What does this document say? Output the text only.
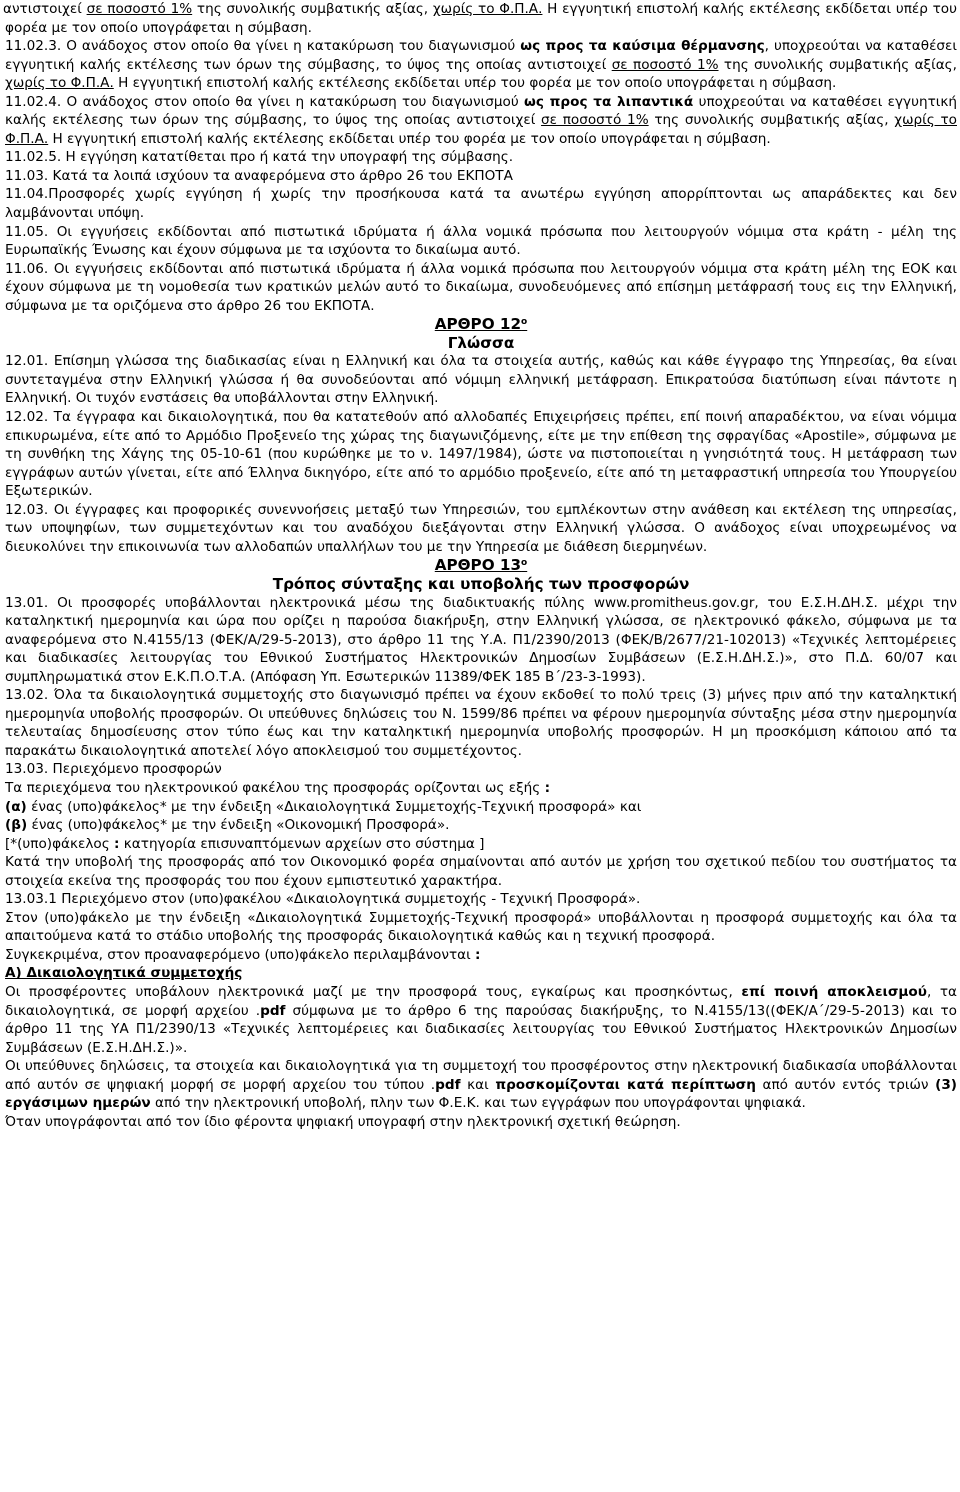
αντιστοιχεί σε ποσοστό 1% της συνολικής συμβατικής αξίας, χωρίς το Φ.Π.Α. Η εγγυητική επιστολή καλής εκτέλεσης εκδίδεται υπέρ του φορέα με τον οποίο υπογράφεται η σύμβαση.

11.02.3. Ο ανάδοχος στον οποίο θα γίνει η κατακύρωση του διαγωνισμού ως προς τα καύσιμα θέρμανσης, υποχρεούται να καταθέσει εγγυητική καλής εκτέλεσης των όρων της σύμβασης, το ύψος της οποίας αντιστοιχεί σε ποσοστό 1% της συνολικής συμβατικής αξίας, χωρίς το Φ.Π.Α. Η εγγυητική επιστολή καλής εκτέλεσης εκδίδεται υπέρ του φορέα με τον οποίο υπογράφεται η σύμβαση.

11.02.4. Ο ανάδοχος στον οποίο θα γίνει η κατακύρωση του διαγωνισμού ως προς τα λιπαντικά υποχρεούται να καταθέσει εγγυητική καλής εκτέλεσης των όρων της σύμβασης, το ύψος της οποίας αντιστοιχεί σε ποσοστό 1% της συνολικής συμβατικής αξίας, χωρίς το Φ.Π.Α. Η εγγυητική επιστολή καλής εκτέλεσης εκδίδεται υπέρ του φορέα με τον οποίο υπογράφεται η σύμβαση.

11.02.5. Η εγγύηση κατατίθεται προ ή κατά την υπογραφή της σύμβασης.

11.03. Κατά τα λοιπά ισχύουν τα αναφερόμενα στο άρθρο 26 του ΕΚΠΟΤΑ

11.04.Προσφορές χωρίς εγγύηση ή χωρίς την προσήκουσα κατά τα ανωτέρω εγγύηση απορρίπτονται ως απαράδεκτες και δεν λαμβάνονται υπόψη.

11.05. Οι εγγυήσεις εκδίδονται από πιστωτικά ιδρύματα ή άλλα νομικά πρόσωπα που λειτουργούν νόμιμα στα κράτη - μέλη της Ευρωπαϊκής Ένωσης και έχουν σύμφωνα με τα ισχύοντα το δικαίωμα αυτό.

11.06. Οι εγγυήσεις εκδίδονται από πιστωτικά ιδρύματα ή άλλα νομικά πρόσωπα που λειτουργούν νόμιμα στα κράτη μέλη της ΕΟΚ και έχουν σύμφωνα με τη νομοθεσία των κρατικών μελών αυτό το δικαίωμα, συνοδευόμενες από επίσημη μετάφρασή τους εις την Ελληνική, σύμφωνα με τα οριζόμενα στο άρθρο 26 του ΕΚΠΟΤΑ.

ΑΡΘΡΟ $12^o$

Γλώσσα

12.01. Επίσημη γλώσσα της διαδικασίας είναι η Ελληνική και όλα τα στοιχεία αυτής, καθώς και κάθε έγγραφο της Υπηρεσίας, θα είναι συντεταγμένα στην Ελληνική γλώσσα ή θα συνοδεύονται από νόμιμη ελληνική μετάφραση. Επικρατούσα διατύπωση είναι πάντοτε η Ελληνική. Οι τυχόν ενστάσεις θα υποβάλλονται στην Ελληνική.

12.02. Τα έγγραφα και δικαιολογητικά, που θα κατατεθούν από αλλοδαπές Επιχειρήσεις πρέπει, επί ποινή απαραδέκτου, να είναι νόμιμα επικυρωμένα, είτε από το Αρμόδιο Προξενείο της χώρας της διαγωνιζόμενης, είτε με την επίθεση της σφραγίδας «Apostile», σύμφωνα με τη συνθήκη της Χάγης της 05-10-61 (που κυρώθηκε με το ν. 1497/1984), ώστε να πιστοποιείται η γνησιότητά τους. Η μετάφραση των εγγράφων αυτών γίνεται, είτε από Έλληνα δικηγόρο, είτε από το αρμόδιο προξενείο, είτε από τη μεταφραστική υπηρεσία του Υπουργείου Εξωτερικών.

12.03. Οι έγγραφες και προφορικές συνεννοήσεις μεταξύ των Υπηρεσιών, του εμπλέκοντων στην ανάθεση και εκτέλεση της υπηρεσίας, των υποψηφίων, των συμμετεχόντων και του αναδόχου διεξάγονται στην Ελληνική γλώσσα. Ο ανάδοχος είναι υποχρεωμένος να διευκολύνει την επικοινωνία των αλλοδαπών υπαλλήλων του με την Υπηρεσία με διάθεση διερμηνέων.

ΑΡΘΡΟ $13^o$

Τρόπος σύνταξης και υποβολής των προσφορών

13.01. Οι προσφορές υποβάλλονται ηλεκτρονικά μέσω της διαδικτυακής πύλης www.promitheus.gov.gr, του Ε.Σ.Η.ΔΗ.Σ. μέχρι την καταληκτική ημερομηνία και ώρα που ορίζει η παρούσα διακήρυξη, στην Ελληνική γλώσσα, σε ηλεκτρονικό φάκελο, σύμφωνα με τα αναφερόμενα στο Ν.4155/13 (ΦΕΚ/Α/29-5-2013), στο άρθρο 11 της Υ.Α. Π1/2390/2013 (ΦΕΚ/Β/2677/21-102013) «Τεχνικές λεπτομέρειες και διαδικασίες λειτουργίας του Εθνικού Συστήματος Ηλεκτρονικών Δημοσίων Συμβάσεων (Ε.Σ.Η.ΔΗ.Σ.)», στο Π.Δ. 60/07 και συμπληρωματικά στον Ε.Κ.Π.Ο.Τ.Α. (Απόφαση Υπ. Εσωτερικών 11389/ΦΕΚ 185 Β΄/23-3-1993).

13.02. Όλα τα δικαιολογητικά συμμετοχής στο διαγωνισμό πρέπει να έχουν εκδοθεί το πολύ τρεις (3) μήνες πριν από την καταληκτική ημερομηνία υποβολής προσφορών. Οι υπεύθυνες δηλώσεις του Ν. 1599/86 πρέπει να φέρουν ημερομηνία σύνταξης μέσα στην ημερομηνία τελευταίας δημοσίευσης στον τύπο έως και την καταληκτική ημερομηνία υποβολής προσφορών. Η μη προσκόμιση κάποιου από τα παρακάτω δικαιολογητικά αποτελεί λόγο αποκλεισμού του συμμετέχοντος.

13.03. Περιεχόμενο προσφορών

Τα περιεχόμενα του ηλεκτρονικού φακέλου της προσφοράς ορίζονται ως εξής :

(α) ένας (υπο)φάκελος* με την ένδειξη «Δικαιολογητικά Συμμετοχής-Τεχνική προσφορά» και

(β) ένας (υπο)φάκελος* με την ένδειξη «Οικονομική Προσφορά».

[*(υπο)φάκελος : κατηγορία επισυναπτόμενων αρχείων στο σύστημα ]

Κατά την υποβολή της προσφοράς από τον Οικονομικό φορέα σημαίνονται από αυτόν με χρήση του σχετικού πεδίου του συστήματος τα στοιχεία εκείνα της προσφοράς του που έχουν εμπιστευτικό χαρακτήρα.

13.03.1 Περιεχόμενο στον (υπο)φακέλου «Δικαιολογητικά συμμετοχής - Τεχνική Προσφορά».

Στον (υπο)φάκελο με την ένδειξη «Δικαιολογητικά Συμμετοχής-Τεχνική προσφορά» υποβάλλονται η προσφορά συμμετοχής και όλα τα απαιτούμενα κατά το στάδιο υποβολής της προσφοράς δικαιολογητικά καθώς και η τεχνική προσφορά.

Συγκεκριμένα, στον προαναφερόμενο (υπο)φάκελο περιλαμβάνονται :

Α) Δικαιολογητικά συμμετοχής

Οι προσφέροντες υποβάλουν ηλεκτρονικά μαζί με την προσφορά τους, εγκαίρως και προσηκόντως, επί ποινή αποκλεισμού, τα δικαιολογητικά, σε μορφή αρχείου .pdf σύμφωνα με το άρθρο 6 της παρούσας διακήρυξης, το Ν.4155/13((ΦΕΚ/Α΄/29-5-2013) και το άρθρο 11 της ΥΑ Π1/2390/13 «Τεχνικές λεπτομέρειες και διαδικασίες λειτουργίας του Εθνικού Συστήματος Ηλεκτρονικών Δημοσίων Συμβάσεων (Ε.Σ.Η.ΔΗ.Σ.)».

Οι υπεύθυνες δηλώσεις, τα στοιχεία και δικαιολογητικά για τη συμμετοχή του προσφέροντος στην ηλεκτρονική διαδικασία υποβάλλονται από αυτόν σε ψηφιακή μορφή σε μορφή αρχείου του τύπου .pdf και προσκομίζονται κατά περίπτωση από αυτόν εντός τριών (3) εργάσιμων ημερών από την ηλεκτρονική υποβολή, πλην των Φ.Ε.Κ. και των εγγράφων που υπογράφονται ψηφιακά.

Όταν υπογράφονται από τον ίδιο φέροντα ψηφιακή υπογραφή στην ηλεκτρονική σχετική θεώρηση.
